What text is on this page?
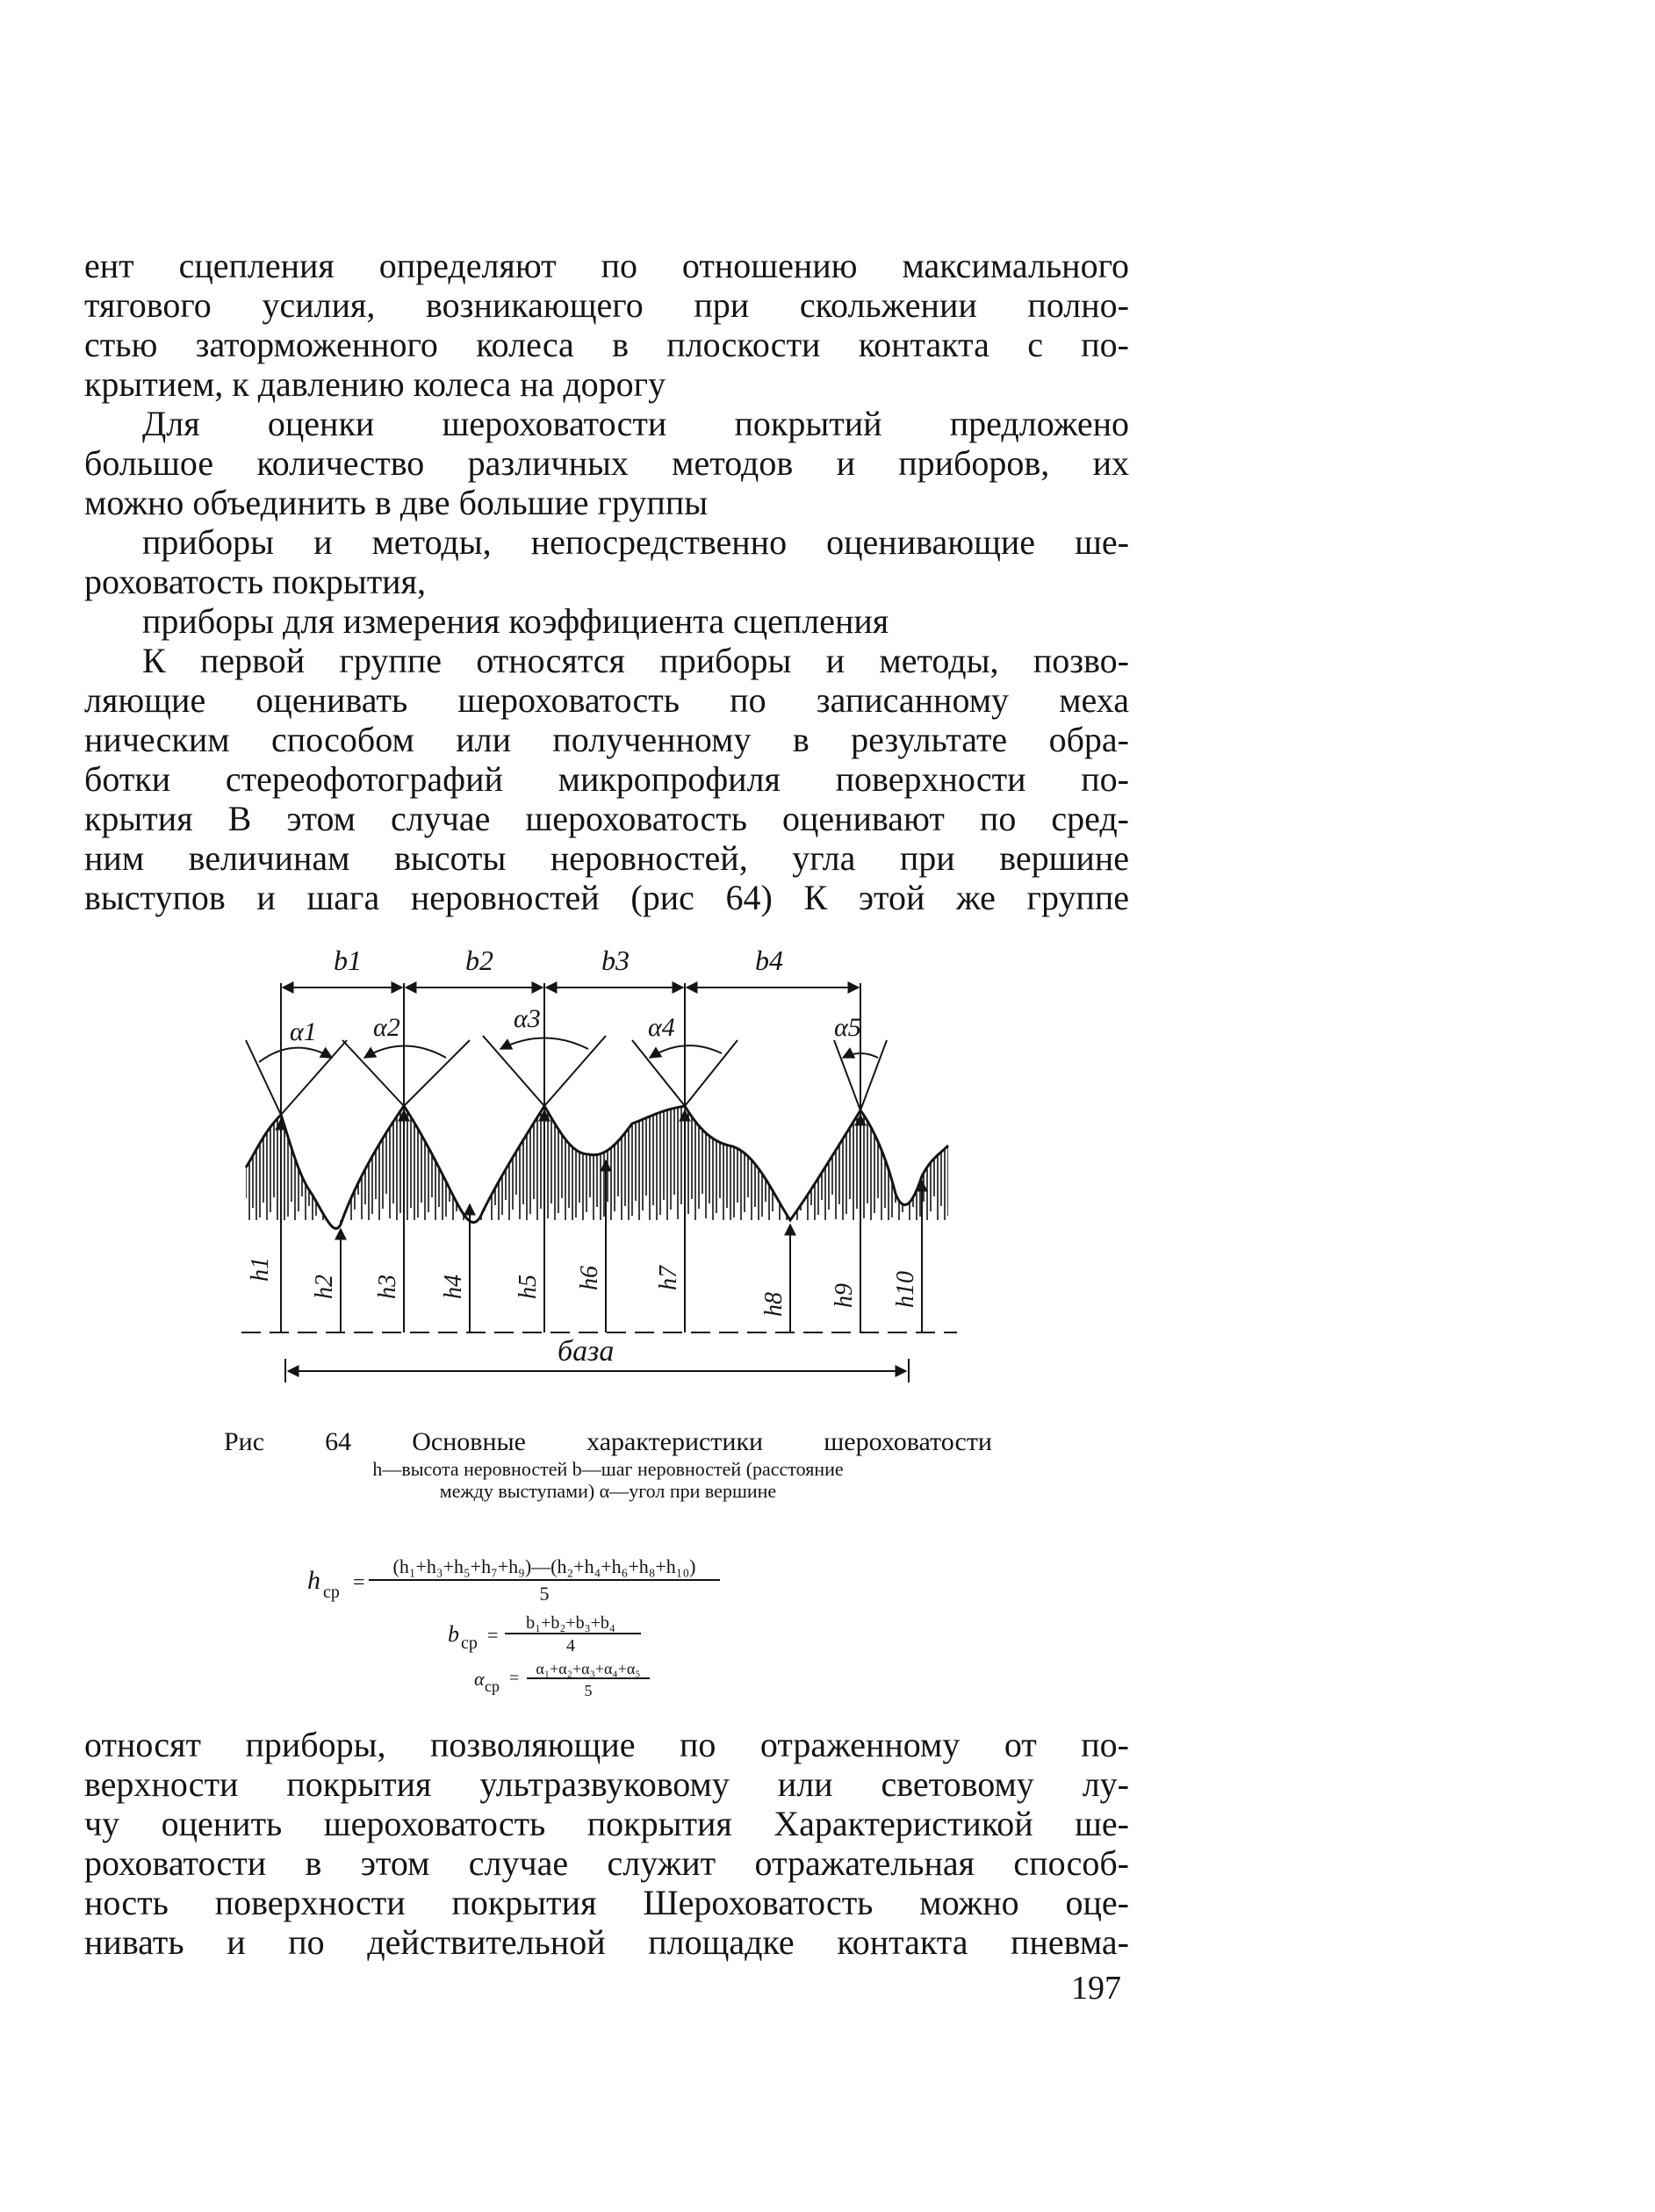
ент сцепления определяют по отношению максимального
тягового усилия, возникающего при скольжении полно-
стью заторможенного колеса в плоскости контакта с по-
крытием, к давлению колеса на дорогу
Для оценки шероховатости покрытий предложено
большое количество различных методов и приборов, их
можно объединить в две большие группы
приборы и методы, непосредственно оценивающие ше-
роховатость покрытия,
приборы для измерения коэффициента сцепления
К первой группе относятся приборы и методы, позво-
ляющие оценивать шероховатость по записанному меха
ническим способом или полученному в результате обра-
ботки стереофотографий микропрофиля поверхности по-
крытия В этом случае шероховатость оценивают по сред-
ним величинам высоты неровностей, угла при вершине
выступов и шага неровностей (рис 64) К этой же группе
b1	b2	b3	b4
α1 α2	α3	α4	α5
h1
h2 h3 h4 h5 h6 h7
h8 h9 h10
база
Рис 64 Основные характеристики шероховатости
h—высота неровностей b—шаг неровностей (расстояние
между выступами) α—угол при вершине
h ср =
(h₁+h₃+h₅+h₇+h₉)—(h₂+h₄+h₆+h₈+h₁₀)
5
b ср =
b₁+b₂+b₃+b₄
4
α ср = α₁+α₂+α₃+α₄+α₅
5
относят приборы, позволяющие по отраженному от по-
верхности покрытия ультразвуковому или световому лу-
чу оценить шероховатость покрытия Характеристикой ше-
роховатости в этом случае служит отражательная способ-
ность поверхности покрытия Шероховатость можно оце-
нивать и по действительной площадке контакта пневма-
197
